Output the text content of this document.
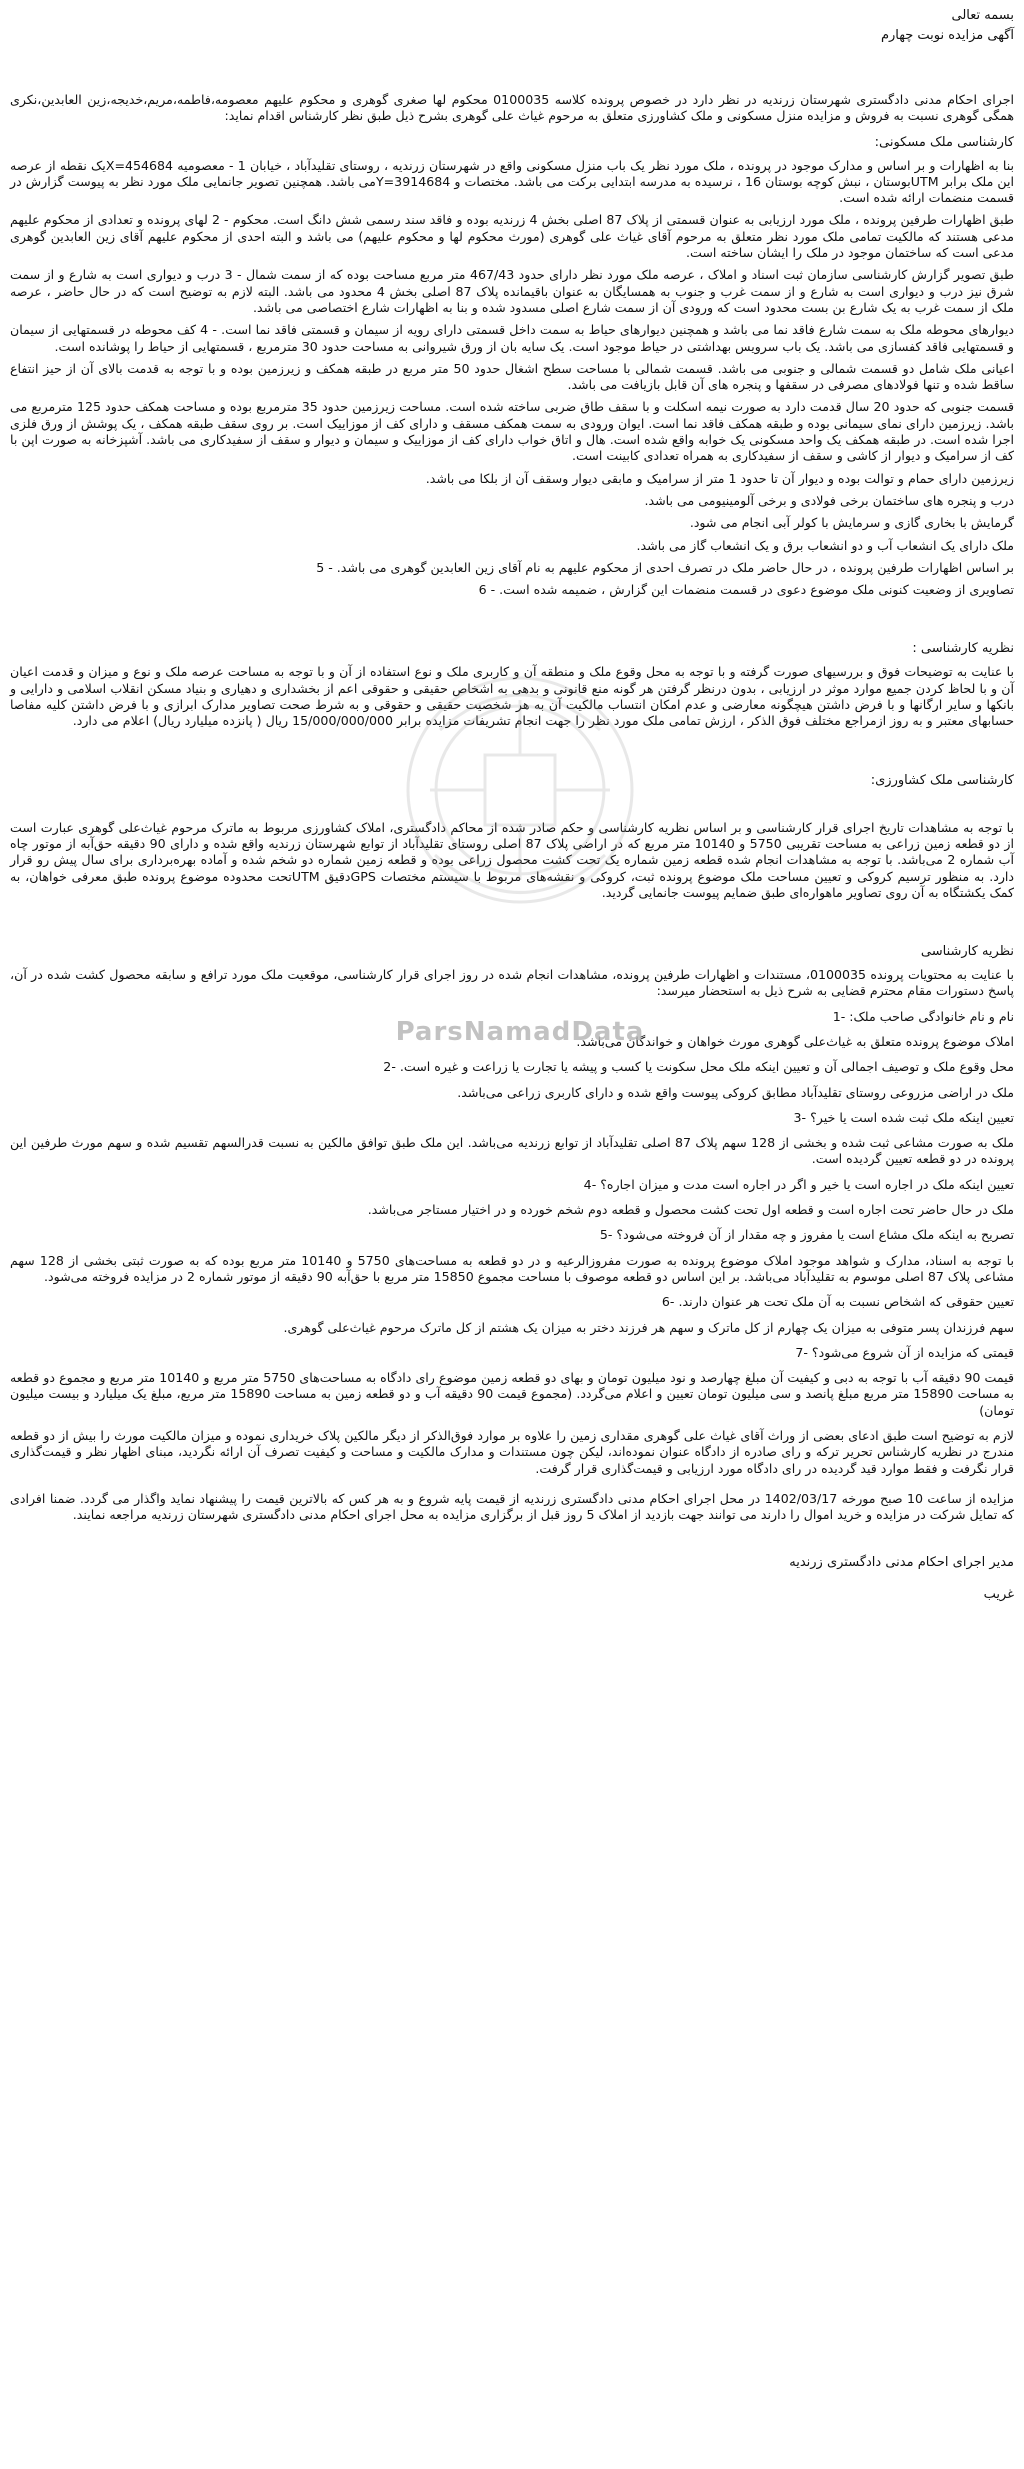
بسمه تعالی

آگهی مزایده نوبت چهارم

اجرای احکام مدنی دادگستری شهرستان زرندیه در نظر دارد در خصوص پرونده کلاسه 0100035 محکوم لها صغری گوهری و محکوم علیهم معصومه،فاطمه،مریم،خدیجه،زین العابدین،نکری همگی گوهری نسبت به فروش و مزایده منزل مسکونی و ملک کشاورزی متعلق به مرحوم غیاث علی گوهری بشرح ذیل طبق نظر کارشناس اقدام نماید:

کارشناسی ملک مسکونی:

بنا به اظهارات و بر اساس و مدارک موجود در پرونده ، ملک مورد نظر یک باب منزل مسکونی واقع در شهرستان زرندیه ، روستای تقلیدآباد ، خیابان 1 - معصومیه X=454684یک نقطه از عرصه این ملک برابر UTMبوستان ، نبش کوچه بوستان 16 ، نرسیده به مدرسه ابتدایی برکت می باشد. مختصات و Y=3914684می باشد. همچنین تصویر جانمایی ملک مورد نظر به پیوست گزارش در قسمت منضمات ارائه شده است.

طبق اظهارات طرفین پرونده ، ملک مورد ارزیابی به عنوان قسمتی از پلاک 87 اصلی بخش 4 زرندیه بوده و فاقد سند رسمی شش دانگ است. محکوم - 2 لهای پرونده و تعدادی از محکوم علیهم مدعی هستند که مالکیت تمامی ملک مورد نظر متعلق به مرحوم آقای غیاث علی گوهری (مورث محکوم لها و محکوم علیهم) می باشد و البته احدی از محکوم علیهم آقای زین العابدین گوهری مدعی است که ساختمان موجود در ملک را ایشان ساخته است.

طبق تصویر گزارش کارشناسی سازمان ثبت اسناد و املاک ، عرصه ملک مورد نظر دارای حدود 467/43 متر مربع مساحت بوده که از سمت شمال - 3 درب و دیواری است به شارع و از سمت شرق نیز درب و دیواری است به شارع و از سمت غرب و جنوب به همسایگان به عنوان باقیمانده پلاک 87 اصلی بخش 4 محدود می باشد. البته لازم به توضیح است که در حال حاضر ، عرصه ملک از سمت غرب به یک شارع بن بست محدود است که ورودی آن از سمت شارع اصلی مسدود شده و بنا به اظهارات شارع اختصاصی می باشد.

دیوارهای محوطه ملک به سمت شارع فاقد نما می باشد و همچنین دیوارهای حیاط به سمت داخل قسمتی دارای رویه از سیمان و قسمتی فاقد نما است. - 4 کف محوطه در قسمتهایی از سیمان و قسمتهایی فاقد کفسازی می باشد. یک باب سرویس بهداشتی در حیاط موجود است. یک سایه بان از ورق شیروانی به مساحت حدود 30 مترمربع ، قسمتهایی از حیاط را پوشانده است.

اعیانی ملک شامل دو قسمت شمالی و جنوبی می باشد. قسمت شمالی با مساحت سطح اشغال حدود 50 متر مربع در طبقه همکف و زیرزمین بوده و با توجه به قدمت بالای آن از حیز انتفاع ساقط شده و تنها فولادهای مصرفی در سقفها و پنجره های آن قابل بازیافت می باشد.

قسمت جنوبی که حدود 20 سال قدمت دارد به صورت نیمه اسکلت و با سقف طاق ضربی ساخته شده است. مساحت زیرزمین حدود 35 مترمربع بوده و مساحت همکف حدود 125 مترمربع می باشد. زیرزمین دارای نمای سیمانی بوده و طبقه همکف فاقد نما است. ایوان ورودی به سمت همکف مسقف و دارای کف از موزاییک است. بر روی سقف طبقه همکف ، یک پوشش از ورق فلزی اجرا شده است. در طبقه همکف یک واحد مسکونی یک خوابه واقع شده است. هال و اتاق خواب دارای کف از موزاییک و سیمان و دیوار و سقف از سفیدکاری می باشد. آشپزخانه به صورت اپن با کف از سرامیک و دیوار از کاشی و سقف از سفیدکاری به همراه تعدادی کابینت است.

زیرزمین دارای حمام و توالت بوده و دیوار آن تا حدود 1 متر از سرامیک و مابقی دیوار وسقف آن از بلکا می باشد.

درب و پنجره های ساختمان برخی فولادی و برخی آلومینیومی می باشد.

گرمایش با بخاری گازی و سرمایش با کولر آبی انجام می شود.

ملک دارای یک انشعاب آب و دو انشعاب برق و یک انشعاب گاز می باشد.

بر اساس اظهارات طرفین پرونده ، در حال حاضر ملک در تصرف احدی از محکوم علیهم به نام آقای زین العابدین گوهری می باشد. - 5

تصاویری از وضعیت کنونی ملک موضوع دعوی در قسمت منضمات این گزارش ، ضمیمه شده است. - 6

نظریه کارشناسی :

با عنایت به توضیحات فوق و بررسیهای صورت گرفته و با توجه به محل وقوع ملک و منطقه آن و کاربری ملک و نوع استفاده از آن و با توجه به مساحت عرصه ملک و نوع و میزان و قدمت اعیان آن و با لحاظ کردن جمیع موارد موثر در ارزیابی ، بدون درنظر گرفتن هر گونه منع قانونی و بدهی به اشخاص حقیقی و حقوقی اعم از بخشداری و دهیاری و بنیاد مسکن انقلاب اسلامی و دارایی و بانکها و سایر ارگانها و با فرض داشتن هیچگونه معارضی و عدم امکان انتساب مالکیت آن به هر شخصیت حقیقی و حقوقی و به شرط صحت تصاویر مدارک ابرازی و با فرض داشتن کلیه مفاصا حسابهای معتبر و به روز ازمراجع مختلف فوق الذکر ، ارزش تمامی ملک مورد نظر را جهت انجام تشریفات مزایده برابر 15/000/000/000 ریال ( پانزده میلیارد ریال) اعلام می دارد.

کارشناسی ملک کشاورزی:

با توجه به مشاهدات تاریخ اجرای قرار کارشناسی و بر اساس نظریه کارشناسی و حکم صادر شده از محاکم دادگستری، املاک کشاورزی مربوط به ماترک مرحوم غیاث‌علی گوهری عبارت است از دو قطعه زمین زراعی به مساحت تقریبی 5750 و 10140 متر مربع که در اراضی پلاک 87 اصلی روستای تقلیدآباد از توابع شهرستان زرندیه واقع شده و دارای 90 دقیقه حق‌آبه از موتور چاه آب شماره 2 می‌باشد. با توجه به مشاهدات انجام شده قطعه زمین شماره یک تحت کشت محصول زراعی بوده و قطعه زمین شماره دو شخم شده و آماده بهره‌برداری برای سال پیش رو قرار دارد. به منظور ترسیم کروکی و تعیین مساحت ملک موضوع پرونده ثبت، کروکی و نقشه‌های مربوط با سیستم مختصات GPSدقیق UTMتحت محدوده موضوع پرونده طبق معرفی خواهان، به کمک یکشتگاه به آن روی تصاویر ماهواره‌ای طبق ضمایم پیوست جانمایی گردید.

نظریه کارشناسی

با عنایت به محتویات پرونده 0100035، مستندات و اظهارات طرفین پرونده، مشاهدات انجام شده در روز اجرای قرار کارشناسی، موقعیت ملک مورد ترافع و سابقه محصول کشت شده در آن، پاسخ دستورات مقام محترم قضایی به شرح ذیل به استحضار میرسد:

نام و نام خانوادگی صاحب ملک: -1

املاک موضوع پرونده متعلق به غیاث‌علی گوهری مورث خواهان و خواندگان می‌باشد.

محل وقوع ملک و توصیف اجمالی آن و تعیین اینکه ملک محل سکونت یا کسب و پیشه یا تجارت یا زراعت و غیره است. -2

ملک در اراضی مزروعی روستای تقلیدآباد مطابق کروکی پیوست واقع شده و دارای کاربری زراعی می‌باشد.

تعیین اینکه ملک ثبت شده است یا خیر؟ -3

ملک به صورت مشاعی ثبت شده و بخشی از 128 سهم پلاک 87 اصلی تقلیدآباد از توابع زرندیه می‌باشد. این ملک طبق توافق مالکین به نسبت قدرالسهم تقسیم شده و سهم مورث طرفین این پرونده در دو قطعه تعیین گردیده است.

تعیین اینکه ملک در اجاره است یا خیر و اگر در اجاره است مدت و میزان اجاره؟ -4

ملک در حال حاضر تحت اجاره است و قطعه اول تحت کشت محصول و قطعه دوم شخم خورده و در اختیار مستاجر می‌باشد.

تصریح به اینکه ملک مشاع است یا مفروز و چه مقدار از آن فروخته می‌شود؟ -5

با توجه به اسناد، مدارک و شواهد موجود املاک موضوع پرونده به صورت مفروزالرعیه و در دو قطعه به مساحت‌های 5750 و 10140 متر مربع بوده که به صورت ثبتی بخشی از 128 سهم مشاعی پلاک 87 اصلی موسوم به تقلیدآباد می‌باشد. بر این اساس دو قطعه موصوف با مساحت مجموع 15850 متر مربع با حق‌آبه 90 دقیقه از موتور شماره 2 در مزایده فروخته می‌شود.

تعیین حقوقی که اشخاص نسبت به آن ملک تحت هر عنوان دارند. -6

سهم فرزندان پسر متوفی به میزان یک چهارم از کل ماترک و سهم هر فرزند دختر به میزان یک هشتم از کل ماترک مرحوم غیاث‌علی گوهری.

قیمتی که مزایده از آن شروع می‌شود؟ -7

قیمت 90 دقیقه آب با توجه به دبی و کیفیت آن مبلغ چهارصد و نود میلیون تومان و بهای دو قطعه زمین موضوع رای دادگاه به مساحت‌های 5750 متر مربع و 10140 متر مربع و مجموع دو قطعه به مساحت 15890 متر مربع مبلغ پانصد و سی میلیون تومان تعیین و اعلام می‌گردد. (مجموع قیمت 90 دقیقه آب و دو قطعه زمین به مساحت 15890 متر مربع، مبلغ یک میلیارد و بیست میلیون تومان)

لازم به توضیح است طبق ادعای بعضی از وراث آقای غیاث علی گوهری مقداری زمین را علاوه بر موارد فوق‌الذکر از دیگر مالکین پلاک خریداری نموده و میزان مالکیت مورث را بیش از دو قطعه مندرج در نظریه کارشناس تحریر ترکه و رای صادره از دادگاه عنوان نموده‌اند، لیکن چون مستندات و مدارک مالکیت و مساحت و کیفیت تصرف آن ارائه نگردید، مبنای اظهار نظر و قیمت‌گذاری قرار نگرفت و فقط موارد قید گردیده در رای دادگاه مورد ارزیابی و قیمت‌گذاری قرار گرفت.

مزایده از ساعت 10 صبح مورخه 1402/03/17 در محل اجرای احکام مدنی دادگستری زرندیه از قیمت پایه شروع و به هر کس که بالاترین قیمت را پیشنهاد نماید واگذار می گردد. ضمنا افرادی که تمایل شرکت در مزایده و خرید اموال را دارند می توانند جهت بازدید از املاک 5 روز قبل از برگزاری مزایده به محل اجرای احکام مدنی دادگستری شهرستان زرندیه مراجعه نمایند.

مدیر اجرای احکام مدنی دادگستری زرندیه

غریب

ParsNamadData
